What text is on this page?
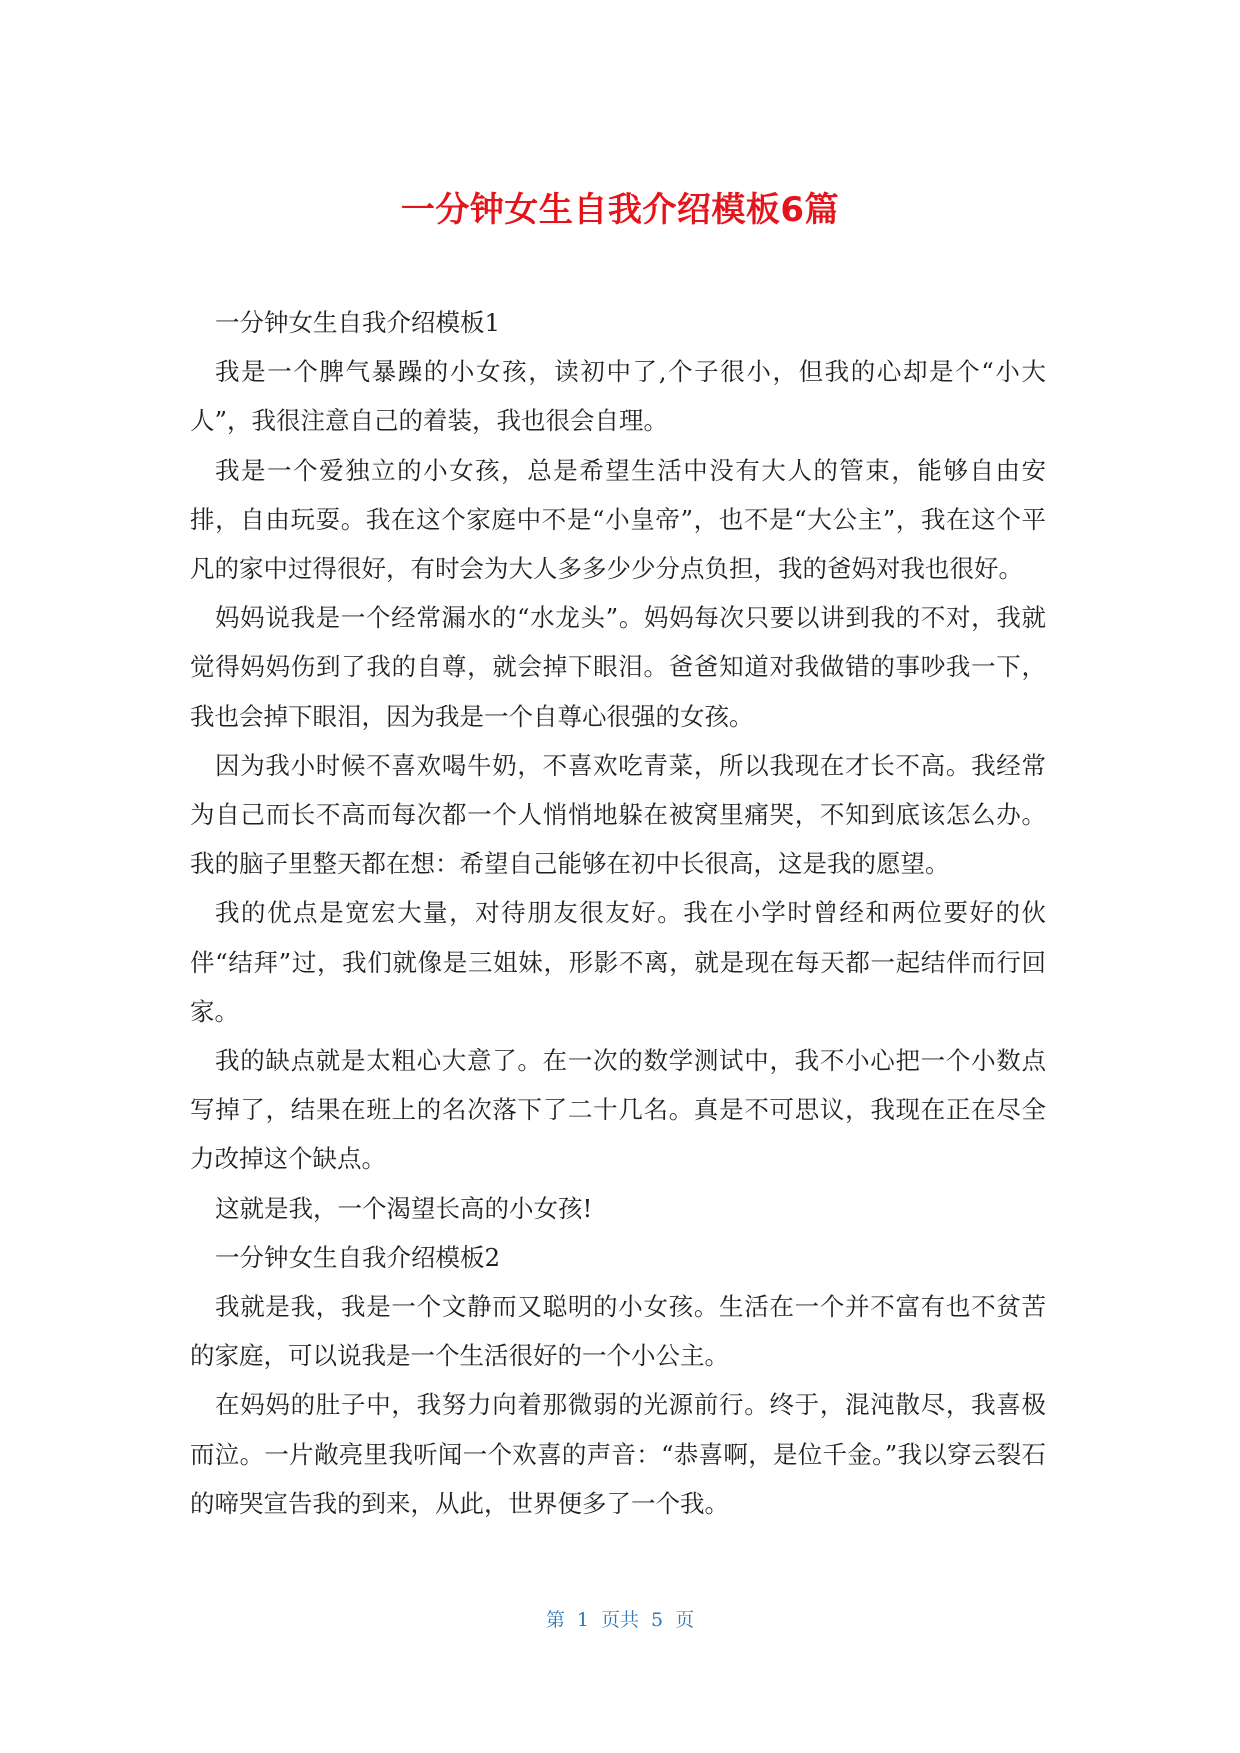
一分钟女生自我介绍模板6篇

一分钟女生自我介绍模板1

我是一个脾气暴躁的小女孩，读初中了,个子很小，但我的心却是个“小大人”，我很注意自己的着装，我也很会自理。

我是一个爱独立的小女孩，总是希望生活中没有大人的管束，能够自由安排，自由玩耍。我在这个家庭中不是“小皇帝”，也不是“大公主”，我在这个平凡的家中过得很好，有时会为大人多多少少分点负担，我的爸妈对我也很好。

妈妈说我是一个经常漏水的“水龙头”。妈妈每次只要以讲到我的不对，我就觉得妈妈伤到了我的自尊，就会掉下眼泪。爸爸知道对我做错的事吵我一下，我也会掉下眼泪，因为我是一个自尊心很强的女孩。

因为我小时候不喜欢喝牛奶，不喜欢吃青菜，所以我现在才长不高。我经常为自己而长不高而每次都一个人悄悄地躲在被窝里痛哭，不知到底该怎么办。我的脑子里整天都在想：希望自己能够在初中长很高，这是我的愿望。

我的优点是宽宏大量，对待朋友很友好。我在小学时曾经和两位要好的伙伴“结拜”过，我们就像是三姐妹，形影不离，就是现在每天都一起结伴而行回家。

我的缺点就是太粗心大意了。在一次的数学测试中，我不小心把一个小数点写掉了，结果在班上的名次落下了二十几名。真是不可思议，我现在正在尽全力改掉这个缺点。

这就是我，一个渴望长高的小女孩!

一分钟女生自我介绍模板2

我就是我，我是一个文静而又聪明的小女孩。生活在一个并不富有也不贫苦的家庭，可以说我是一个生活很好的一个小公主。

在妈妈的肚子中，我努力向着那微弱的光源前行。终于，混沌散尽，我喜极而泣。一片敞亮里我听闻一个欢喜的声音：“恭喜啊，是位千金。”我以穿云裂石的啼哭宣告我的到来，从此，世界便多了一个我。

第 1 页共 5 页
